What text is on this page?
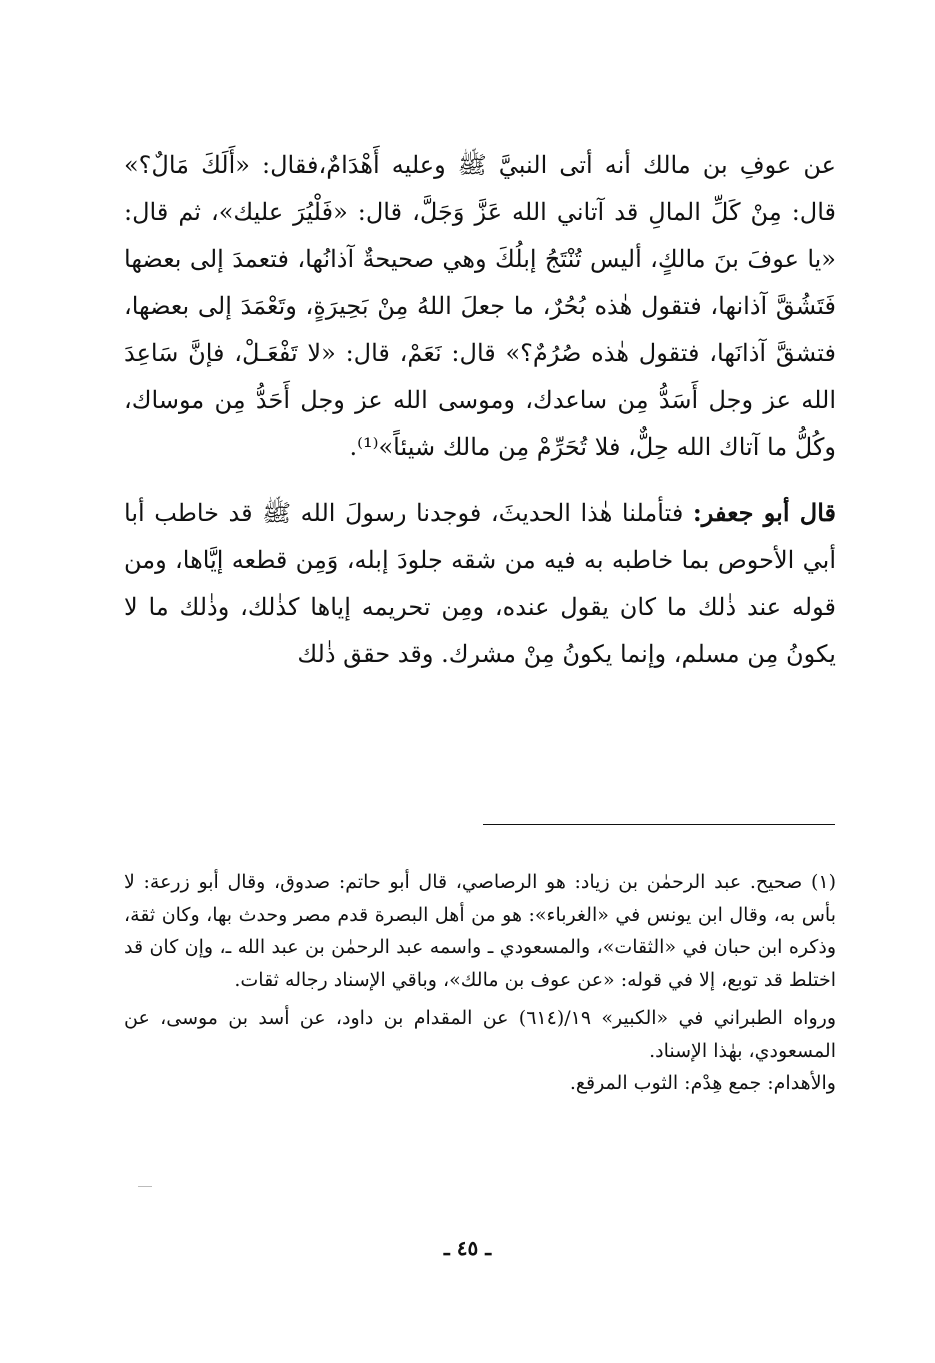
عن عوفِ بن مالك أنه أتى النبيَّ ﷺ وعليه أَهْدَامٌ،فقال: «أَلَكَ مَالٌ؟» قال: مِنْ كَلِّ المالِ قد آتاني الله عَزَّ وَجَلَّ، قال: «فَلْيُرَ عليك»، ثم قال: «يا عوفَ بنَ مالكٍ، أليس تُنْتَجُ إبلُكَ وهي صحيحةٌ آذانُها، فتعمدَ إلى بعضها فَتَشُقَّ آذانها، فتقول هٰذه بُحُرٌ، ما جعلَ اللهُ مِنْ بَحِيرَةٍ، وتَعْمَدَ إلى بعضها، فتشقَّ آذانَها، فتقول هٰذه صُرُمٌ؟» قال: نَعَمْ، قال: «لا تَفْعَـلْ، فإنَّ سَاعِدَ الله عز وجل أَسَدُّ مِن ساعدك، وموسى الله عز وجل أَحَدُّ مِن موساك، وكُلُّ ما آتاك الله حِلٌّ، فلا تُحَرِّمْ مِن مالك شيئاً»⁽¹⁾.

قال أبو جعفر: فتأملنا هٰذا الحديثَ، فوجدنا رسولَ الله ﷺ قد خاطب أبا أبي الأحوص بما خاطبه به فيه من شقه جلودَ إبله، وَمِن قطعه إيَّاها، ومن قوله عند ذٰلك ما كان يقول عنده، ومِن تحريمه إياها كذٰلك، وذٰلك ما لا يكونُ مِن مسلم، وإنما يكونُ مِنْ مشرك. وقد حقق ذٰلك

(١) صحيح. عبد الرحمٰن بن زياد: هو الرصاصي، قال أبو حاتم: صدوق، وقال أبو زرعة: لا بأس به، وقال ابن يونس في «الغرباء»: هو من أهل البصرة قدم مصر وحدث بها، وكان ثقة، وذكره ابن حبان في «الثقات»، والمسعودي ـ واسمه عبد الرحمٰن بن عبد الله ـ، وإن كان قد اختلط قد توبع، إلا في قوله: «عن عوف بن مالك»، وباقي الإسناد رجاله ثقات.

ورواه الطبراني في «الكبير» ١٩/(٦١٤) عن المقدام بن داود، عن أسد بن موسى، عن المسعودي، بهٰذا الإسناد.

والأهدام: جمع هِدْم: الثوب المرقع.

ـ ٤٥ ـ
